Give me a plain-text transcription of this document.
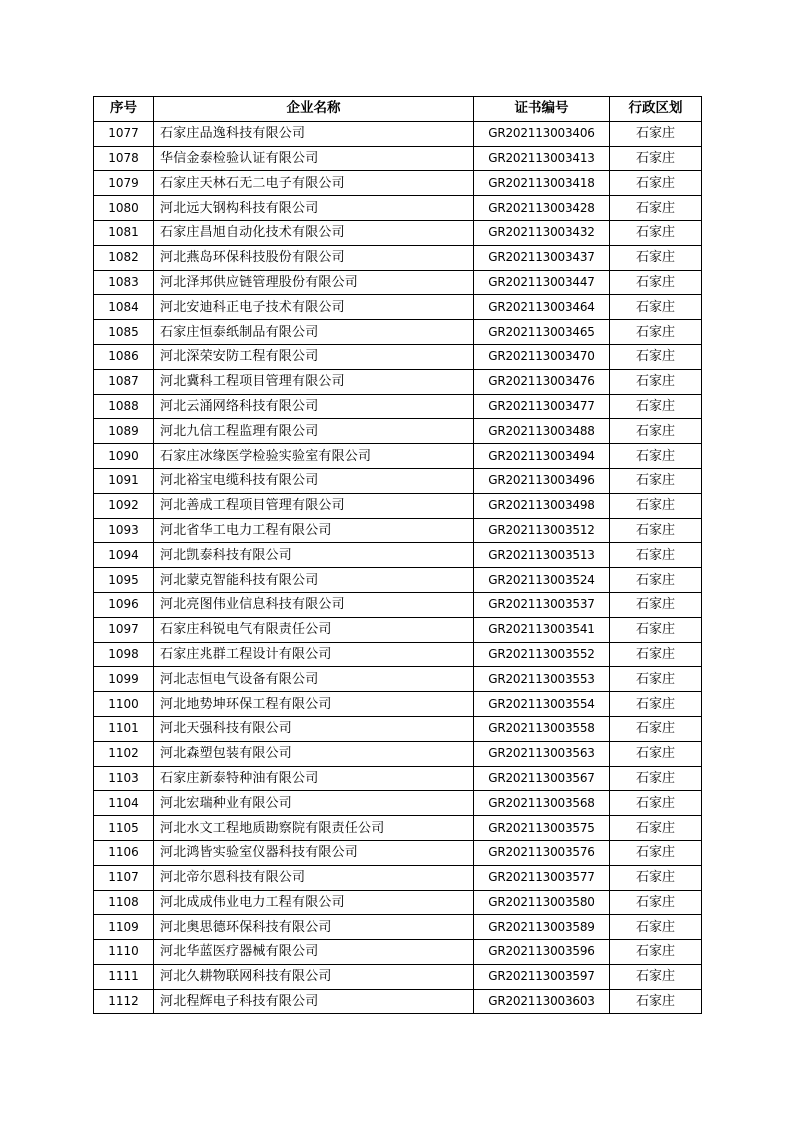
序号	企业名称	证书编号	行政区划
1077	石家庄品逸科技有限公司	GR202113003406	石家庄
1078	华信金泰检验认证有限公司	GR202113003413	石家庄
1079	石家庄天林石无二电子有限公司	GR202113003418	石家庄
1080	河北远大钢构科技有限公司	GR202113003428	石家庄
1081	石家庄昌旭自动化技术有限公司	GR202113003432	石家庄
1082	河北燕岛环保科技股份有限公司	GR202113003437	石家庄
1083	河北泽邦供应链管理股份有限公司	GR202113003447	石家庄
1084	河北安迪科正电子技术有限公司	GR202113003464	石家庄
1085	石家庄恒泰纸制品有限公司	GR202113003465	石家庄
1086	河北深荣安防工程有限公司	GR202113003470	石家庄
1087	河北冀科工程项目管理有限公司	GR202113003476	石家庄
1088	河北云涌网络科技有限公司	GR202113003477	石家庄
1089	河北九信工程监理有限公司	GR202113003488	石家庄
1090	石家庄冰缘医学检验实验室有限公司	GR202113003494	石家庄
1091	河北裕宝电缆科技有限公司	GR202113003496	石家庄
1092	河北善成工程项目管理有限公司	GR202113003498	石家庄
1093	河北省华工电力工程有限公司	GR202113003512	石家庄
1094	河北凯泰科技有限公司	GR202113003513	石家庄
1095	河北蒙克智能科技有限公司	GR202113003524	石家庄
1096	河北亮图伟业信息科技有限公司	GR202113003537	石家庄
1097	石家庄科锐电气有限责任公司	GR202113003541	石家庄
1098	石家庄兆群工程设计有限公司	GR202113003552	石家庄
1099	河北志恒电气设备有限公司	GR202113003553	石家庄
1100	河北地势坤环保工程有限公司	GR202113003554	石家庄
1101	河北天强科技有限公司	GR202113003558	石家庄
1102	河北森塑包装有限公司	GR202113003563	石家庄
1103	石家庄新泰特种油有限公司	GR202113003567	石家庄
1104	河北宏瑞种业有限公司	GR202113003568	石家庄
1105	河北水文工程地质勘察院有限责任公司	GR202113003575	石家庄
1106	河北鸿皆实验室仪器科技有限公司	GR202113003576	石家庄
1107	河北帝尔恩科技有限公司	GR202113003577	石家庄
1108	河北成成伟业电力工程有限公司	GR202113003580	石家庄
1109	河北奥思德环保科技有限公司	GR202113003589	石家庄
1110	河北华蓝医疗器械有限公司	GR202113003596	石家庄
1111	河北久耕物联网科技有限公司	GR202113003597	石家庄
1112	河北程辉电子科技有限公司	GR202113003603	石家庄
